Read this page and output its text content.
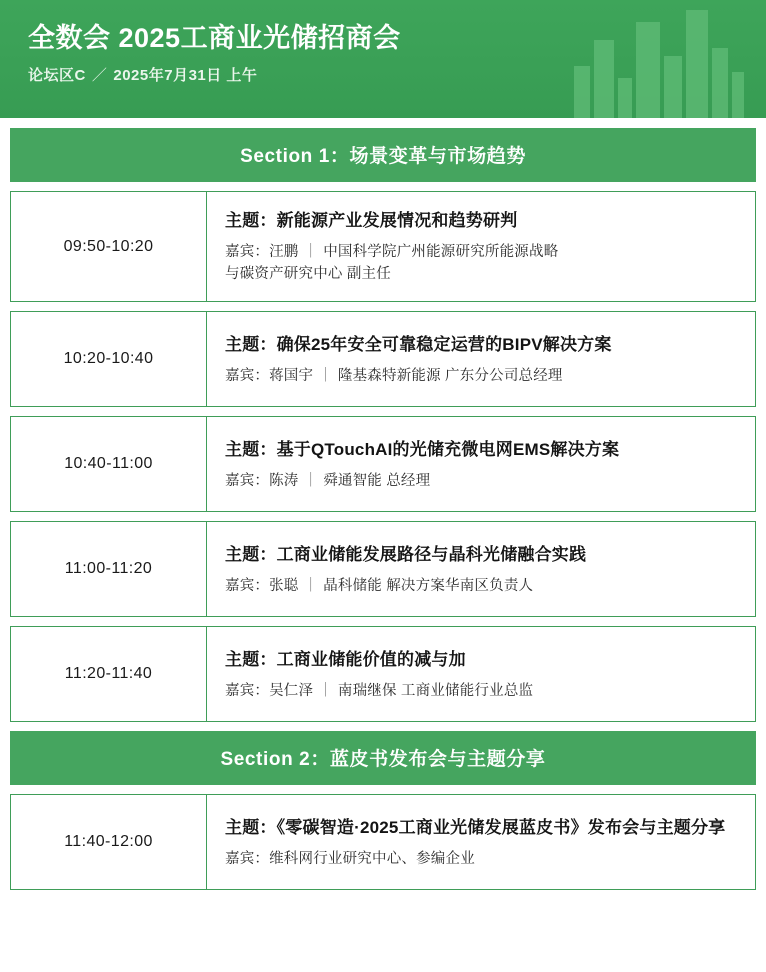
全数会 2025工商业光储招商会
论坛区C ／ 2025年7月31日 上午
Section 1：场景变革与市场趋势
09:50-10:20
主题：新能源产业发展情况和趋势研判
嘉宾：汪鹏 ｜ 中国科学院广州能源研究所能源战略
与碳资产研究中心 副主任
10:20-10:40
主题：确保25年安全可靠稳定运营的BIPV解决方案
嘉宾：蒋国宇 ｜ 隆基森特新能源 广东分公司总经理
10:40-11:00
主题：基于QTouchAI的光储充微电网EMS解决方案
嘉宾：陈涛 ｜ 舜通智能 总经理
11:00-11:20
主题：工商业储能发展路径与晶科光储融合实践
嘉宾：张聪 ｜ 晶科储能 解决方案华南区负责人
11:20-11:40
主题：工商业储能价值的减与加
嘉宾：吴仁泽 ｜ 南瑞继保 工商业储能行业总监
Section 2：蓝皮书发布会与主题分享
11:40-12:00
主题：《零碳智造·2025工商业光储发展蓝皮书》发布会与主题分享
嘉宾：维科网行业研究中心、参编企业
